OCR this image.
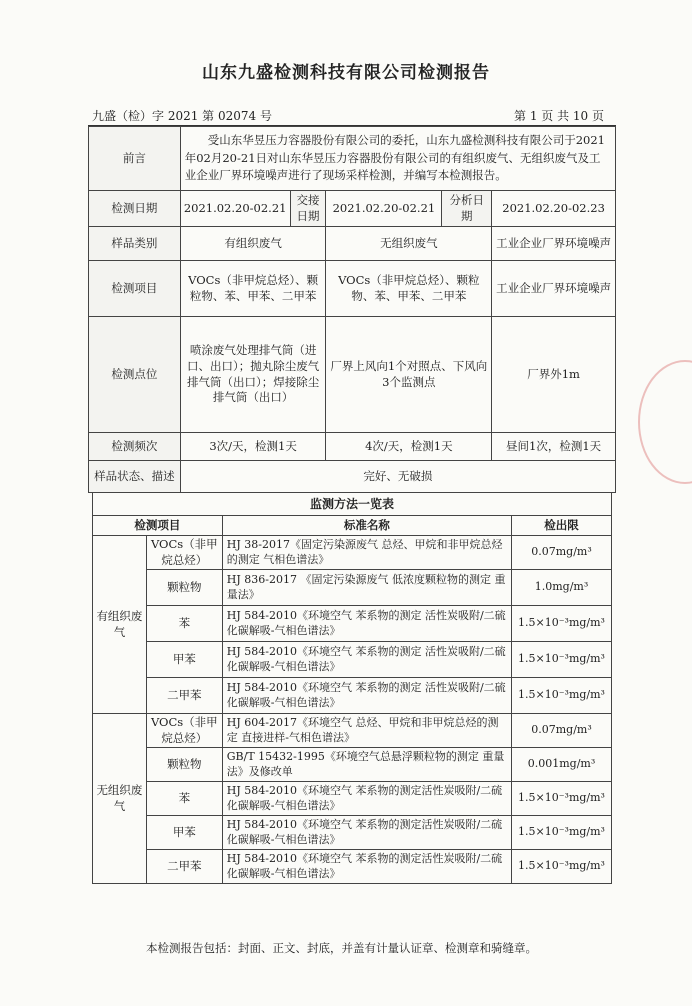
山东九盛检测科技有限公司检测报告
九盛（检）字 2021 第 02074 号	第 1 页 共 10 页
前言	受山东华昱压力容器股份有限公司的委托，山东九盛检测科技有限公司于2021年02月20-21日对山东华昱压力容器股份有限公司的有组织废气、无组织废气及工业企业厂界环境噪声进行了现场采样检测，并编写本检测报告。				
检测日期	2021.02.20-02.21	交接日期	2021.02.20-02.21	分析日期	2021.02.20-02.23
样品类别	有组织废气		无组织废气		工业企业厂界环境噪声
检测项目	VOCs（非甲烷总烃）、颗粒物、苯、甲苯、二甲苯		VOCs（非甲烷总烃）、颗粒物、苯、甲苯、二甲苯		工业企业厂界环境噪声
检测点位	喷涂废气处理排气筒（进口、出口）；抛丸除尘废气排气筒（出口）；焊接除尘排气筒（出口）		厂界上风向1个对照点、下风向3个监测点		厂界外1m
检测频次	3次/天，检测1天		4次/天，检测1天		昼间1次，检测1天
样品状态、描述	完好、无破损				
监测方法一览表			
检测项目		标准名称	检出限
有组织废气	VOCs（非甲烷总烃）	HJ 38-2017《固定污染源废气 总烃、甲烷和非甲烷总烃的测定 气相色谱法》	0.07mg/m³
	颗粒物	HJ 836-2017 《固定污染源废气 低浓度颗粒物的测定 重量法》	1.0mg/m³
	苯	HJ 584-2010《环境空气 苯系物的测定 活性炭吸附/二硫化碳解吸-气相色谱法》	1.5×10⁻³mg/m³
	甲苯	HJ 584-2010《环境空气 苯系物的测定 活性炭吸附/二硫化碳解吸-气相色谱法》	1.5×10⁻³mg/m³
	二甲苯	HJ 584-2010《环境空气 苯系物的测定 活性炭吸附/二硫化碳解吸-气相色谱法》	1.5×10⁻³mg/m³
无组织废气	VOCs（非甲烷总烃）	HJ 604-2017《环境空气 总烃、甲烷和非甲烷总烃的测定 直接进样-气相色谱法》	0.07mg/m³
	颗粒物	GB/T 15432-1995《环境空气总悬浮颗粒物的测定 重量法》及修改单	0.001mg/m³
	苯	HJ 584-2010《环境空气 苯系物的测定活性炭吸附/二硫化碳解吸-气相色谱法》	1.5×10⁻³mg/m³
	甲苯	HJ 584-2010《环境空气 苯系物的测定活性炭吸附/二硫化碳解吸-气相色谱法》	1.5×10⁻³mg/m³
	二甲苯	HJ 584-2010《环境空气 苯系物的测定活性炭吸附/二硫化碳解吸-气相色谱法》	1.5×10⁻³mg/m³
本检测报告包括：封面、正文、封底，并盖有计量认证章、检测章和骑缝章。
